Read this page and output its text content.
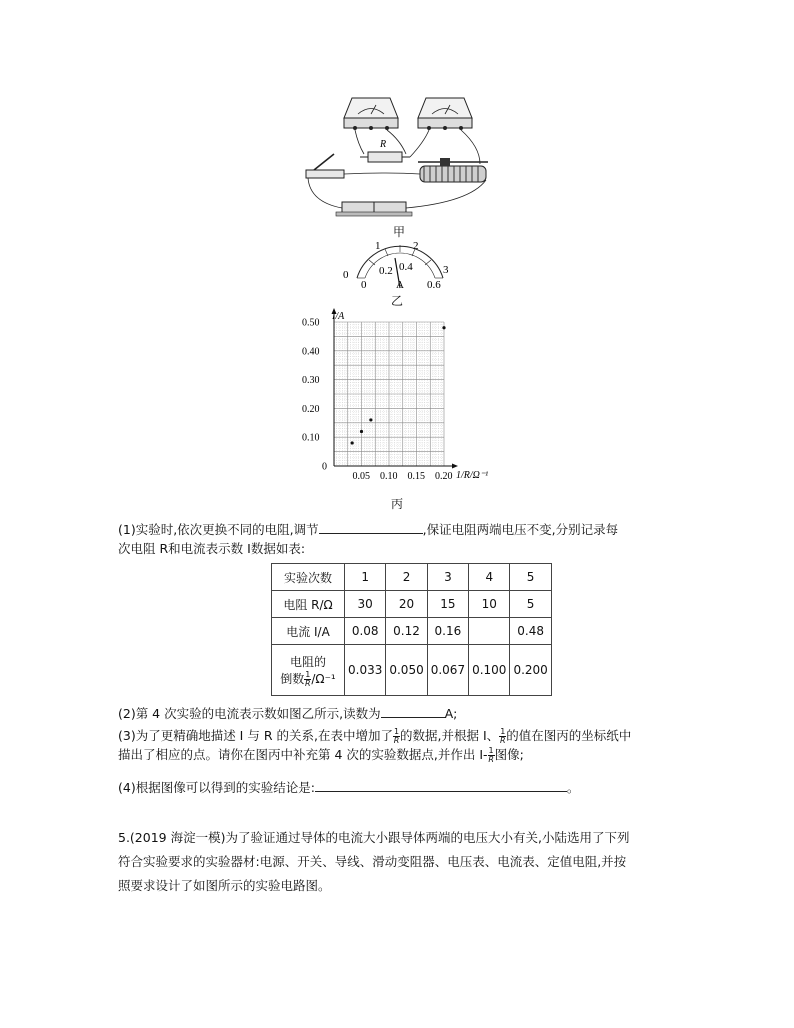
R
甲
0
1	2
3
0
0.2 0.4
0.6
A
乙
0.05 0.10 0.15 0.20
0
0.10
0.20
0.30
0.40
0.50
I/A
1/R/Ω⁻¹
丙
(1)实验时,依次更换不同的电阻,调节	,保证电阻两端电压不变,分别记录每
次电阻 R和电流表示数 I数据如表:
实验次数	1	2	3	4	5
电阻 R/Ω	30	20	15	10	5
电流 I/A	0.08	0.12	0.16		0.48

电阻的
倒数 $\frac{1}{R} /\Omega^{-1}$	0.033	0.050	0.067	0.100	0.200
(2)第 4 次实验的电流表示数如图乙所示,读数为	A;
(3)为了更精确地描述 I 与 R 的关系,在表中增加了 $\frac{1}{R}$ 的数据,并根据 I、 $\frac{1}{R}$ 的值在图丙的坐标纸中
描出了相应的点。请你在图丙中补充第 4 次的实验数据点,并作出 $I- \frac{1}{R}$ 图像;
(4)根据图像可以得到的实验结论是:	。
5.(2019 海淀一模)为了验证通过导体的电流大小跟导体两端的电压大小有关,小陆选用了下列
符合实验要求的实验器材:电源、开关、导线、滑动变阻器、电压表、电流表、定值电阻,并按
照要求设计了如图所示的实验电路图。
